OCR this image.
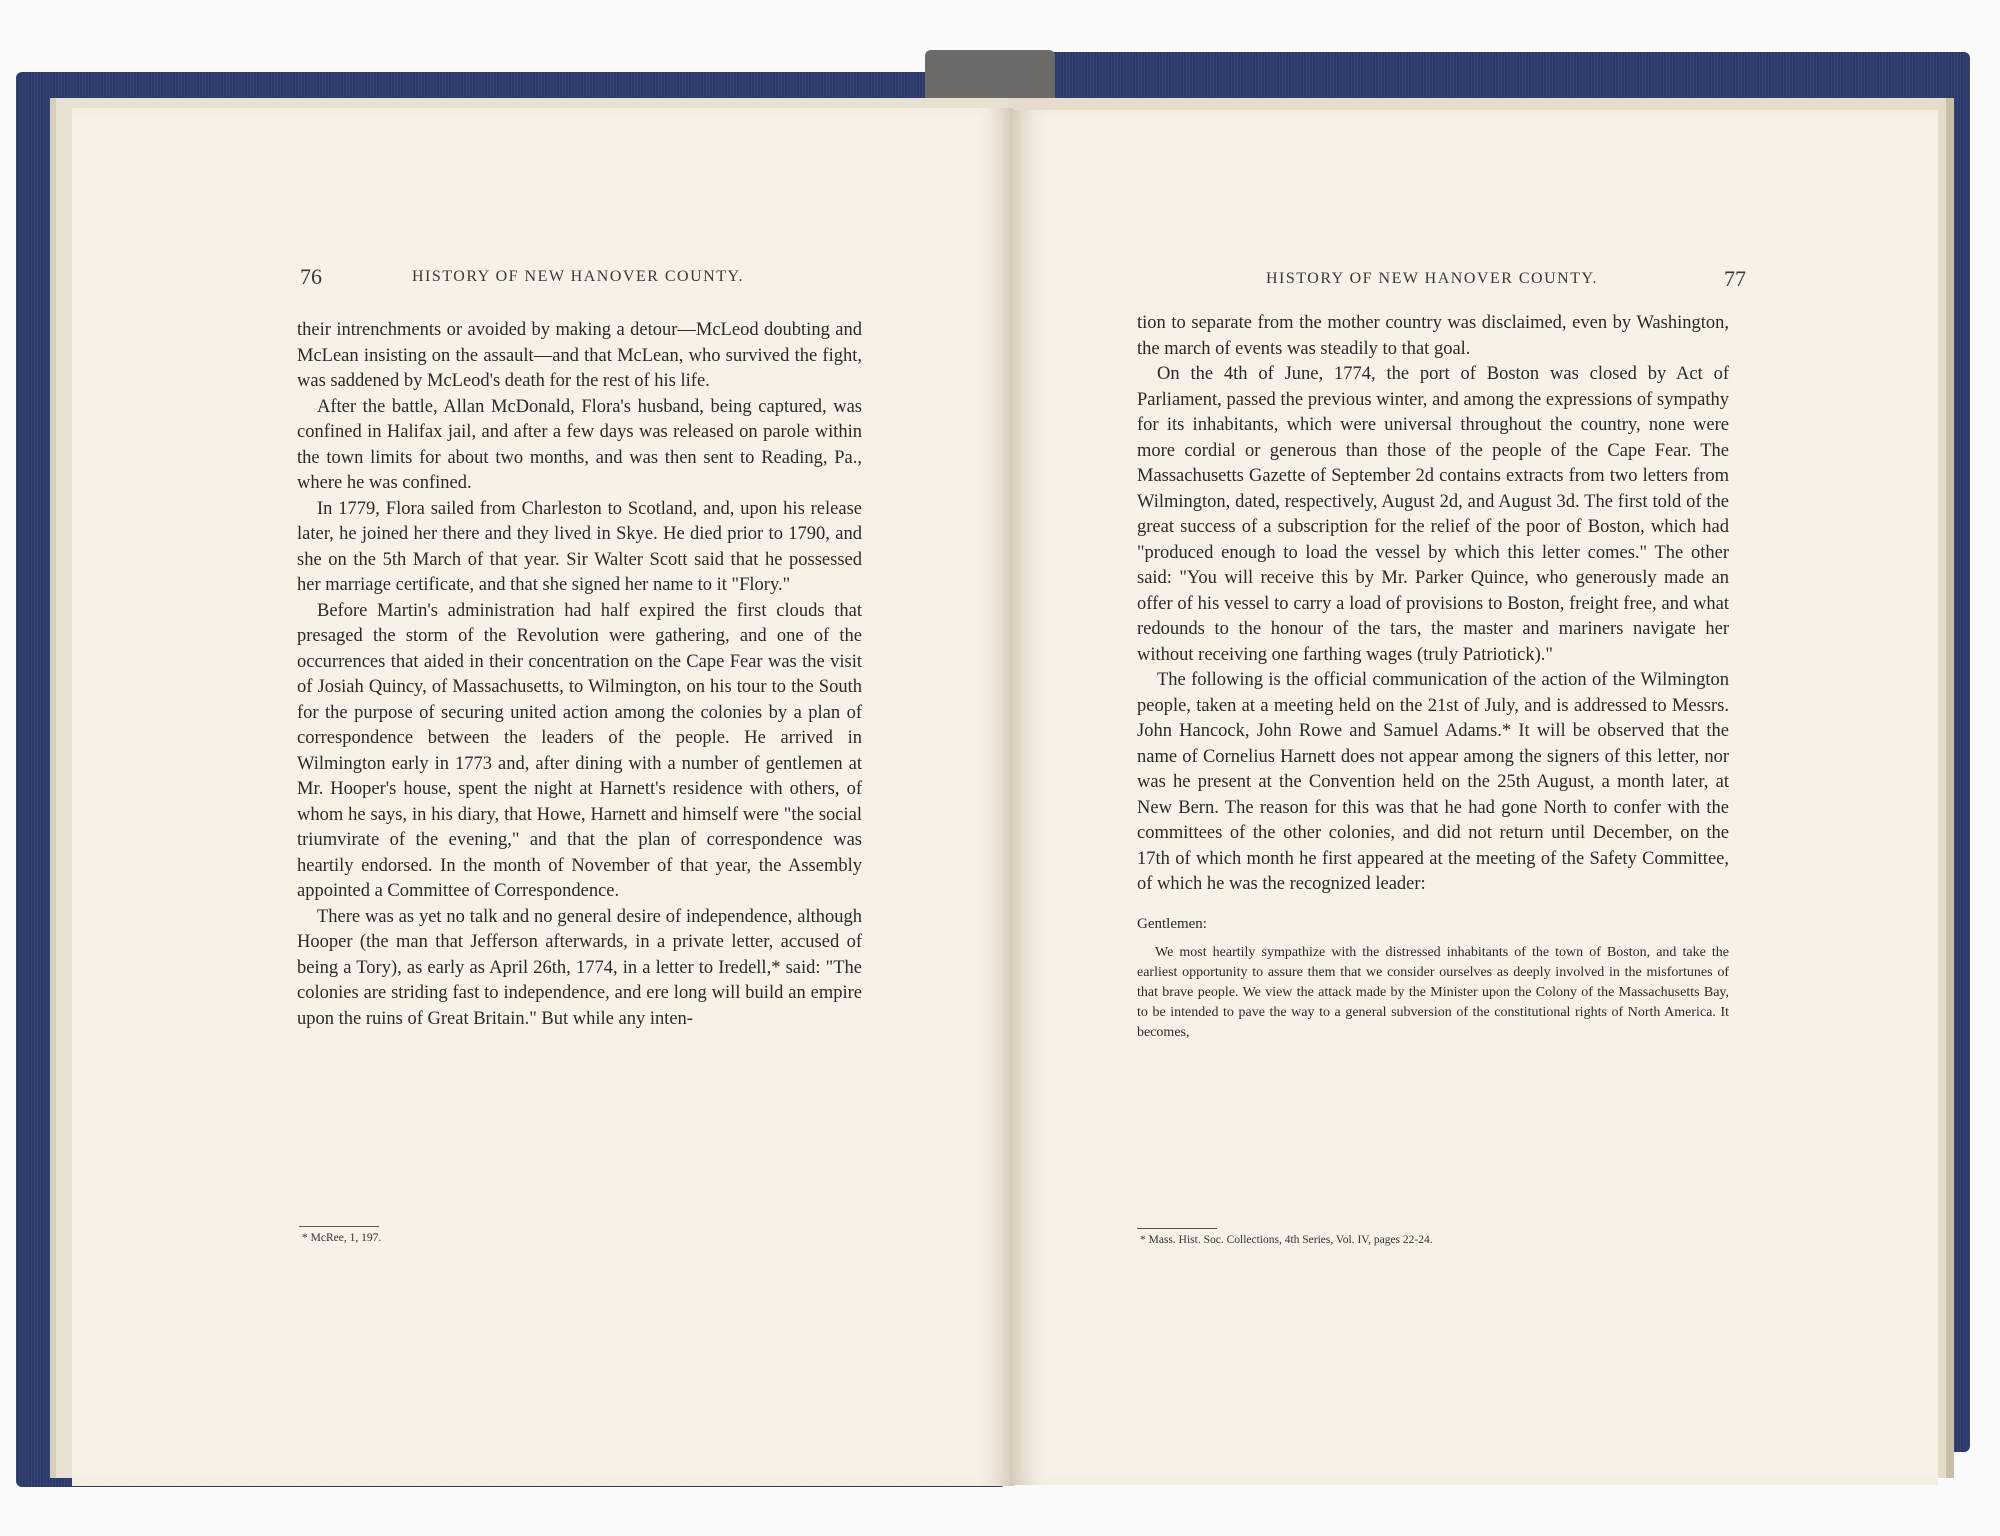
76	HISTORY OF NEW HANOVER COUNTY.

their intrenchments or avoided by making a detour—McLeod doubting and McLean insisting on the assault—and that McLean, who survived the fight, was saddened by McLeod's death for the rest of his life.

After the battle, Allan McDonald, Flora's husband, being captured, was confined in Halifax jail, and after a few days was released on parole within the town limits for about two months, and was then sent to Reading, Pa., where he was confined.

In 1779, Flora sailed from Charleston to Scotland, and, upon his release later, he joined her there and they lived in Skye. He died prior to 1790, and she on the 5th March of that year. Sir Walter Scott said that he possessed her marriage certificate, and that she signed her name to it "Flory."

Before Martin's administration had half expired the first clouds that presaged the storm of the Revolution were gathering, and one of the occurrences that aided in their concentration on the Cape Fear was the visit of Josiah Quincy, of Massachusetts, to Wilmington, on his tour to the South for the purpose of securing united action among the colonies by a plan of correspondence between the leaders of the people. He arrived in Wilmington early in 1773 and, after dining with a number of gentlemen at Mr. Hooper's house, spent the night at Harnett's residence with others, of whom he says, in his diary, that Howe, Harnett and himself were "the social triumvirate of the evening," and that the plan of correspondence was heartily endorsed. In the month of November of that year, the Assembly appointed a Committee of Correspondence.

There was as yet no talk and no general desire of independence, although Hooper (the man that Jefferson afterwards, in a private letter, accused of being a Tory), as early as April 26th, 1774, in a letter to Iredell,* said: "The colonies are striding fast to independence, and ere long will build an empire upon the ruins of Great Britain." But while any inten-

* McRee, 1, 197.
HISTORY OF NEW HANOVER COUNTY.	77

tion to separate from the mother country was disclaimed, even by Washington, the march of events was steadily to that goal.

On the 4th of June, 1774, the port of Boston was closed by Act of Parliament, passed the previous winter, and among the expressions of sympathy for its inhabitants, which were universal throughout the country, none were more cordial or generous than those of the people of the Cape Fear. The Massachusetts Gazette of September 2d contains extracts from two letters from Wilmington, dated, respectively, August 2d, and August 3d. The first told of the great success of a subscription for the relief of the poor of Boston, which had "produced enough to load the vessel by which this letter comes." The other said: "You will receive this by Mr. Parker Quince, who generously made an offer of his vessel to carry a load of provisions to Boston, freight free, and what redounds to the honour of the tars, the master and mariners navigate her without receiving one farthing wages (truly Patriotick)."

The following is the official communication of the action of the Wilmington people, taken at a meeting held on the 21st of July, and is addressed to Messrs. John Hancock, John Rowe and Samuel Adams.* It will be observed that the name of Cornelius Harnett does not appear among the signers of this letter, nor was he present at the Convention held on the 25th August, a month later, at New Bern. The reason for this was that he had gone North to confer with the committees of the other colonies, and did not return until December, on the 17th of which month he first appeared at the meeting of the Safety Committee, of which he was the recognized leader:

Gentlemen:
We most heartily sympathize with the distressed inhabitants of the town of Boston, and take the earliest opportunity to assure them that we consider ourselves as deeply involved in the misfortunes of that brave people. We view the attack made by the Minister upon the Colony of the Massachusetts Bay, to be intended to pave the way to a general subversion of the constitutional rights of North America. It becomes,
* Mass. Hist. Soc. Collections, 4th Series, Vol. IV, pages 22-24.
